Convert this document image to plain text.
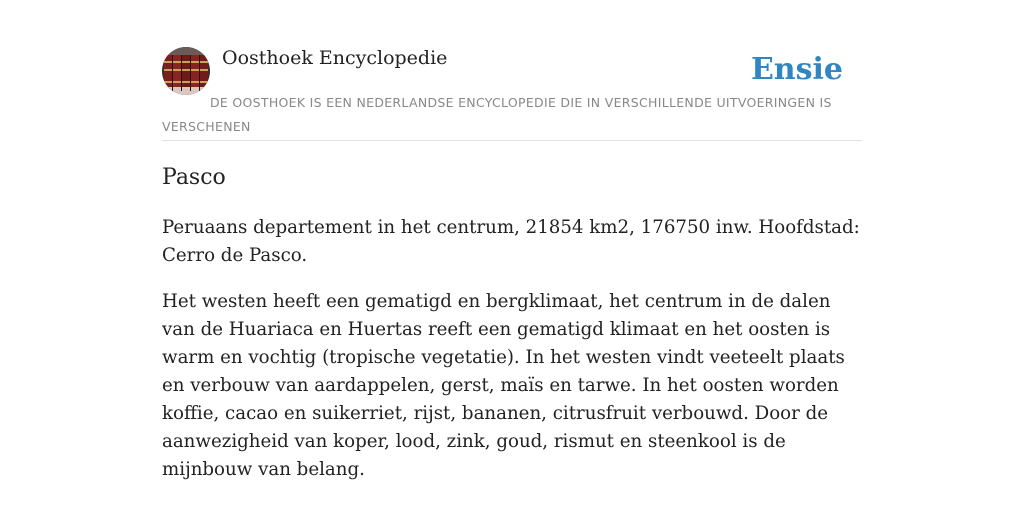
Oosthoek Encyclopedie	Ensie

DE OOSTHOEK IS EEN NEDERLANDSE ENCYCLOPEDIE DIE IN VERSCHILLENDE UITVOERINGEN IS VERSCHENEN

Pasco

Peruaans departement in het centrum, 21854 km2, 176750 inw. Hoofdstad: Cerro de Pasco.

Het westen heeft een gematigd en bergklimaat, het centrum in de dalen van de Huariaca en Huertas reeft een gematigd klimaat en het oosten is warm en vochtig (tropische vegetatie). In het westen vindt veeteelt plaats en verbouw van aardappelen, gerst, maïs en tarwe. In het oosten worden koffie, cacao en suikerriet, rijst, bananen, citrusfruit verbouwd. Door de aanwezigheid van koper, lood, zink, goud, rismut en steenkool is de mijnbouw van belang.
